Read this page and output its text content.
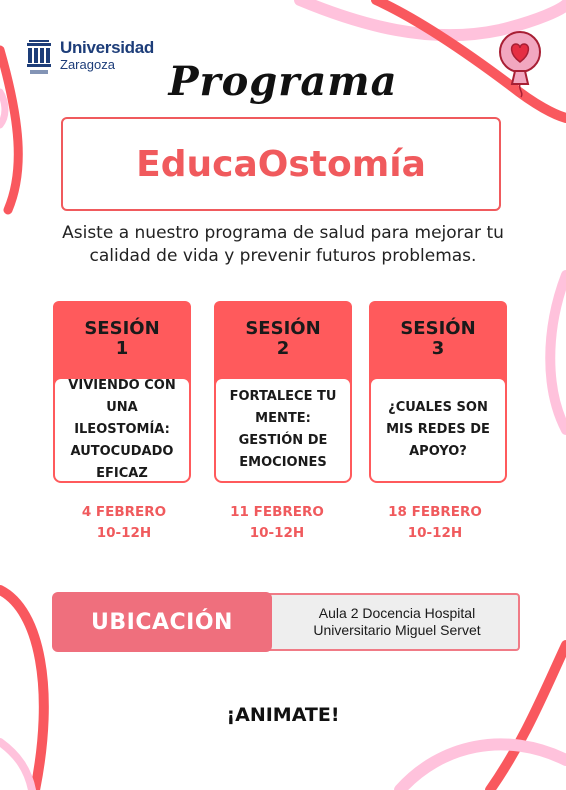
Universidad
Zaragoza	Programa
EducaOstomía
Asiste a nuestro programa de salud para mejorar tu calidad de vida y prevenir futuros problemas.
SESIÓN
1
VIVIENDO CON UNA ILEOSTOMÍA: AUTOCUDADO EFICAZ
SESIÓN
2
FORTALECE TU MENTE: GESTIÓN DE EMOCIONES
SESIÓN
3
¿CUALES SON MIS REDES DE APOYO?
4 FEBRERO
10-12H
11 FEBRERO
10-12H
18 FEBRERO
10-12H
Aula 2 Docencia Hospital
Universitario Miguel Servet
UBICACIÓN
¡ANIMATE!
